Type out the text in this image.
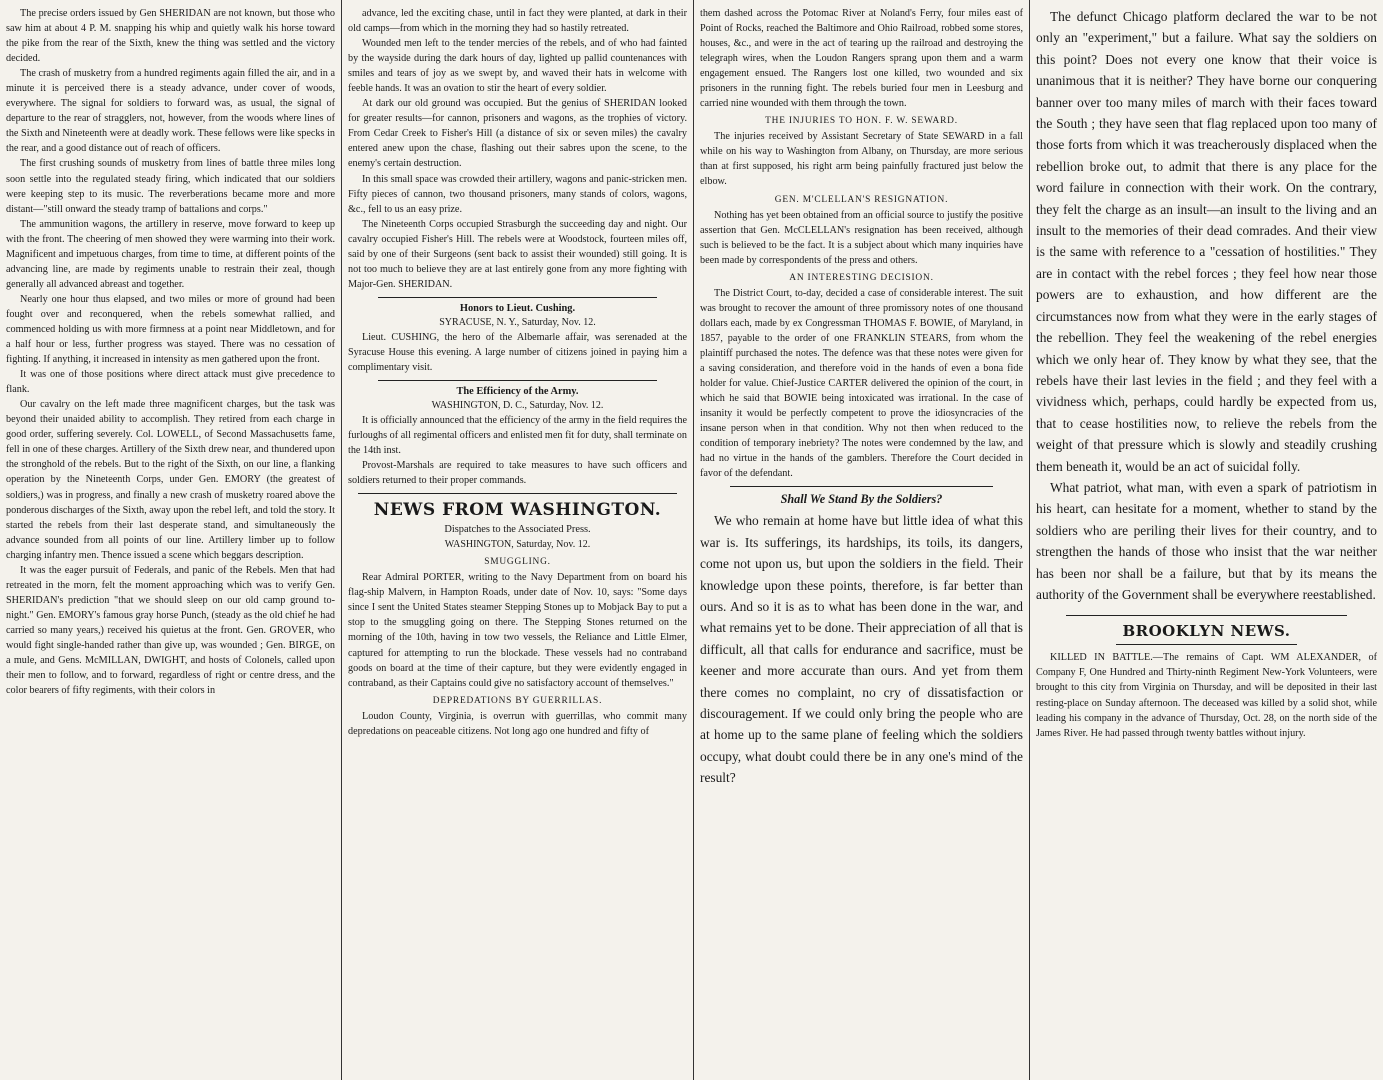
The precise orders issued by Gen SHERIDAN are not known, but those who saw him at about 4 P. M. snapping his whip and quietly walk his horse toward the pike from the rear of the Sixth, knew the thing was settled and the victory decided.

The crash of musketry from a hundred regiments again filled the air, and in a minute it is perceived there is a steady advance, under cover of woods, everywhere. The signal for soldiers to forward was, as usual, the signal of departure to the rear of stragglers, not, however, from the woods where lines of the Sixth and Nineteenth were at deadly work. These fellows were like specks in the rear, and a good distance out of reach of officers.

The first crushing sounds of musketry from lines of battle three miles long soon settle into the regulated steady firing, which indicated that our soldiers were keeping step to its music. The reverberations became more and more distant—"still onward the steady tramp of battalions and corps."

The ammunition wagons, the artillery in reserve, move forward to keep up with the front. The cheering of men showed they were warming into their work. Magnificent and impetuous charges, from time to time, at different points of the advancing line, are made by regiments unable to restrain their zeal, though generally all advanced abreast and together.

Nearly one hour thus elapsed, and two miles or more of ground had been fought over and reconquered, when the rebels somewhat rallied, and commenced holding us with more firmness at a point near Middletown, and for a half hour or less, further progress was stayed. There was no cessation of fighting. If anything, it increased in intensity as men gathered upon the front.

It was one of those positions where direct attack must give precedence to flank.

Our cavalry on the left made three magnificent charges, but the task was beyond their unaided ability to accomplish. They retired from each charge in good order, suffering severely. Col. LOWELL, of Second Massachusetts fame, fell in one of these charges. Artillery of the Sixth drew near, and thundered upon the stronghold of the rebels. But to the right of the Sixth, on our line, a flanking operation by the Nineteenth Corps, under Gen. EMORY (the greatest of soldiers,) was in progress, and finally a new crash of musketry roared above the ponderous discharges of the Sixth, away upon the rebel left, and told the story. It started the rebels from their last desperate stand, and simultaneously the advance sounded from all points of our line. Artillery limber up to follow charging infantry men. Thence issued a scene which beggars description.

It was the eager pursuit of Federals, and panic of the Rebels. Men that had retreated in the morn, felt the moment approaching which was to verify Gen. SHERIDAN's prediction "that we should sleep on our old camp ground to-night." Gen. EMORY's famous gray horse Punch, (steady as the old chief he had carried so many years,) received his quietus at the front. Gen. GROVER, who would fight single-handed rather than give up, was wounded ; Gen. BIRGE, on a mule, and Gens. McMILLAN, DWIGHT, and hosts of Colonels, called upon their men to follow, and to forward, regardless of right or centre dress, and the color bearers of fifty regiments, with their colors in

advance, led the exciting chase, until in fact they were planted, at dark in their old camps—from which in the morning they had so hastily retreated.

Wounded men left to the tender mercies of the rebels, and of who had fainted by the wayside during the dark hours of day, lighted up pallid countenances with smiles and tears of joy as we swept by, and waved their hats in welcome with feeble hands. It was an ovation to stir the heart of every soldier.

At dark our old ground was occupied. But the genius of SHERIDAN looked for greater results—for cannon, prisoners and wagons, as the trophies of victory. From Cedar Creek to Fisher's Hill (a distance of six or seven miles) the cavalry entered anew upon the chase, flashing out their sabres upon the scene, to the enemy's certain destruction.

In this small space was crowded their artillery, wagons and panic-stricken men. Fifty pieces of cannon, two thousand prisoners, many stands of colors, wagons, &c., fell to us an easy prize.

The Nineteenth Corps occupied Strasburgh the succeeding day and night. Our cavalry occupied Fisher's Hill. The rebels were at Woodstock, fourteen miles off, said by one of their Surgeons (sent back to assist their wounded) still going. It is not too much to believe they are at last entirely gone from any more fighting with Major-Gen. SHERIDAN.

Honors to Lieut. Cushing.
SYRACUSE, N. Y., Saturday, Nov. 12.

Lieut. CUSHING, the hero of the Albemarle affair, was serenaded at the Syracuse House this evening. A large number of citizens joined in paying him a complimentary visit.

The Efficiency of the Army.
WASHINGTON, D. C., Saturday, Nov. 12.

It is officially announced that the efficiency of the army in the field requires the furloughs of all regimental officers and enlisted men fit for duty, shall terminate on the 14th inst.

Provost-Marshals are required to take measures to have such officers and soldiers returned to their proper commands.

NEWS FROM WASHINGTON.
Dispatches to the Associated Press.
WASHINGTON, Saturday, Nov. 12.
SMUGGLING.

Rear Admiral PORTER, writing to the Navy Department from on board his flag-ship Malvern, in Hampton Roads, under date of Nov. 10, says: "Some days since I sent the United States steamer Stepping Stones up to Mobjack Bay to put a stop to the smuggling going on there. The Stepping Stones returned on the morning of the 10th, having in tow two vessels, the Reliance and Little Elmer, captured for attempting to run the blockade. These vessels had no contraband goods on board at the time of their capture, but they were evidently engaged in contraband, as their Captains could give no satisfactory account of themselves."

DEPREDATIONS BY GUERRILLAS.

Loudon County, Virginia, is overrun with guerrillas, who commit many depredations on peaceable citizens. Not long ago one hundred and fifty of

them dashed across the Potomac River at Noland's Ferry, four miles east of Point of Rocks, reached the Baltimore and Ohio Railroad, robbed some stores, houses, &c., and were in the act of tearing up the railroad and destroying the telegraph wires, when the Loudon Rangers sprang upon them and a warm engagement ensued. The Rangers lost one killed, two wounded and six prisoners in the running fight. The rebels buried four men in Leesburg and carried nine wounded with them through the town.

THE INJURIES TO HON. F. W. SEWARD.

The injuries received by Assistant Secretary of State SEWARD in a fall while on his way to Washington from Albany, on Thursday, are more serious than at first supposed, his right arm being painfully fractured just below the elbow.

GEN. M'CLELLAN'S RESIGNATION.

Nothing has yet been obtained from an official source to justify the positive assertion that Gen. McCLELLAN's resignation has been received, although such is believed to be the fact. It is a subject about which many inquiries have been made by correspondents of the press and others.

AN INTERESTING DECISION.

The District Court, to-day, decided a case of considerable interest. The suit was brought to recover the amount of three promissory notes of one thousand dollars each, made by ex Congressman THOMAS F. BOWIE, of Maryland, in 1857, payable to the order of one FRANKLIN STEARS, from whom the plaintiff purchased the notes. The defence was that these notes were given for a saving consideration, and therefore void in the hands of even a bona fide holder for value. Chief-Justice CARTER delivered the opinion of the court, in which he said that BOWIE being intoxicated was irrational. In the case of insanity it would be perfectly competent to prove the idiosyncracies of the insane person when in that condition. Why not then when reduced to the condition of temporary inebriety? The notes were condemned by the law, and had no virtue in the hands of the gamblers. Therefore the Court decided in favor of the defendant.

Shall We Stand By the Soldiers?

We who remain at home have but little idea of what this war is. Its sufferings, its hardships, its toils, its dangers, come not upon us, but upon the soldiers in the field. Their knowledge upon these points, therefore, is far better than ours. And so it is as to what has been done in the war, and what remains yet to be done. Their appreciation of all that is difficult, all that calls for endurance and sacrifice, must be keener and more accurate than ours. And yet from them there comes no complaint, no cry of dissatisfaction or discouragement. If we could only bring the people who are at home up to the same plane of feeling which the soldiers occupy, what doubt could there be in any one's mind of the result?

The defunct Chicago platform declared the war to be not only an "experiment," but a failure. What say the soldiers on this point? Does not every one know that their voice is unanimous that it is neither? They have borne our conquering banner over too many miles of march with their faces toward the South ; they have seen that flag replaced upon too many of those forts from which it was treacherously displaced when the rebellion broke out, to admit that there is any place for the word failure in connection with their work. On the contrary, they felt the charge as an insult—an insult to the living and an insult to the memories of their dead comrades. And their view is the same with reference to a "cessation of hostilities." They are in contact with the rebel forces ; they feel how near those powers are to exhaustion, and how different are the circumstances now from what they were in the early stages of the rebellion. They feel the weakening of the rebel energies which we only hear of. They know by what they see, that the rebels have their last levies in the field ; and they feel with a vividness which, perhaps, could hardly be expected from us, that to cease hostilities now, to relieve the rebels from the weight of that pressure which is slowly and steadily crushing them beneath it, would be an act of suicidal folly.

What patriot, what man, with even a spark of patriotism in his heart, can hesitate for a moment, whether to stand by the soldiers who are periling their lives for their country, and to strengthen the hands of those who insist that the war neither has been nor shall be a failure, but that by its means the authority of the Government shall be everywhere reestablished.

BROOKLYN NEWS.

KILLED IN BATTLE.—The remains of Capt. WM ALEXANDER, of Company F, One Hundred and Thirty-ninth Regiment New-York Volunteers, were brought to this city from Virginia on Thursday, and will be deposited in their last resting-place on Sunday afternoon. The deceased was killed by a solid shot, while leading his company in the advance of Thursday, Oct. 28, on the north side of the James River. He had passed through twenty battles without injury.
